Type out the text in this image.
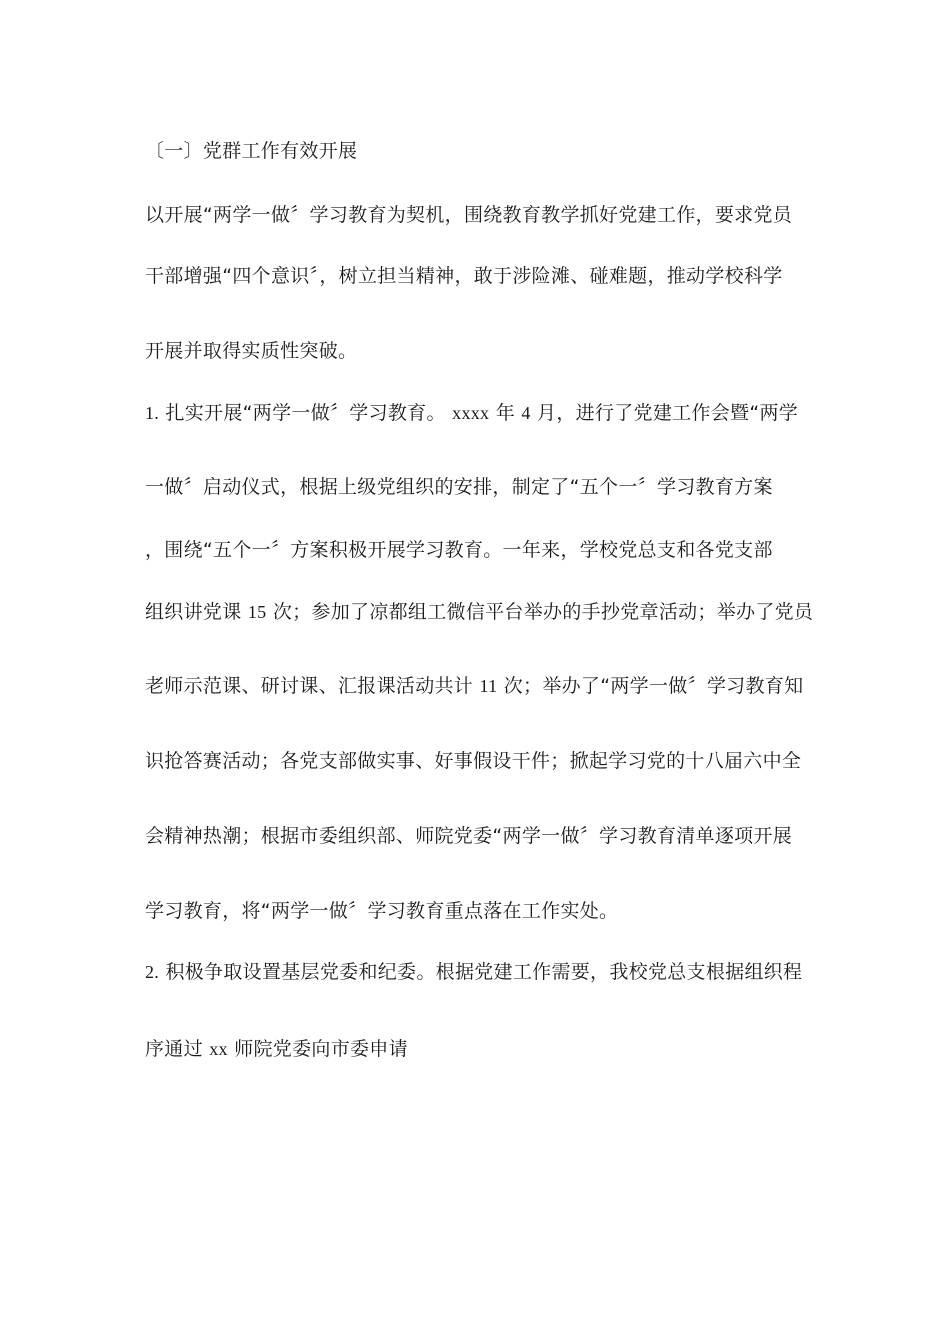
〔一〕党群工作有效开展
以开展“两学一做〞学习教育为契机，围绕教育教学抓好党建工作，要求党员
干部增强“四个意识〞，树立担当精神，敢于涉险滩、碰难题，推动学校科学
开展并取得实质性突破。
1. 扎实开展“两学一做〞学习教育。 xxxx 年 4 月，进行了党建工作会暨“两学
一做〞启动仪式，根据上级党组织的安排，制定了“五个一〞学习教育方案
，围绕“五个一〞方案积极开展学习教育。一年来，学校党总支和各党支部
组织讲党课 15 次；参加了凉都组工微信平台举办的手抄党章活动；举办了党员
老师示范课、研讨课、汇报课活动共计 11 次；举办了“两学一做〞学习教育知
识抢答赛活动；各党支部做实事、好事假设干件；掀起学习党的十八届六中全
会精神热潮；根据市委组织部、师院党委“两学一做〞学习教育清单逐项开展
学习教育，将“两学一做〞学习教育重点落在工作实处。
2. 积极争取设置基层党委和纪委。根据党建工作需要，我校党总支根据组织程
序通过 xx 师院党委向市委申请
